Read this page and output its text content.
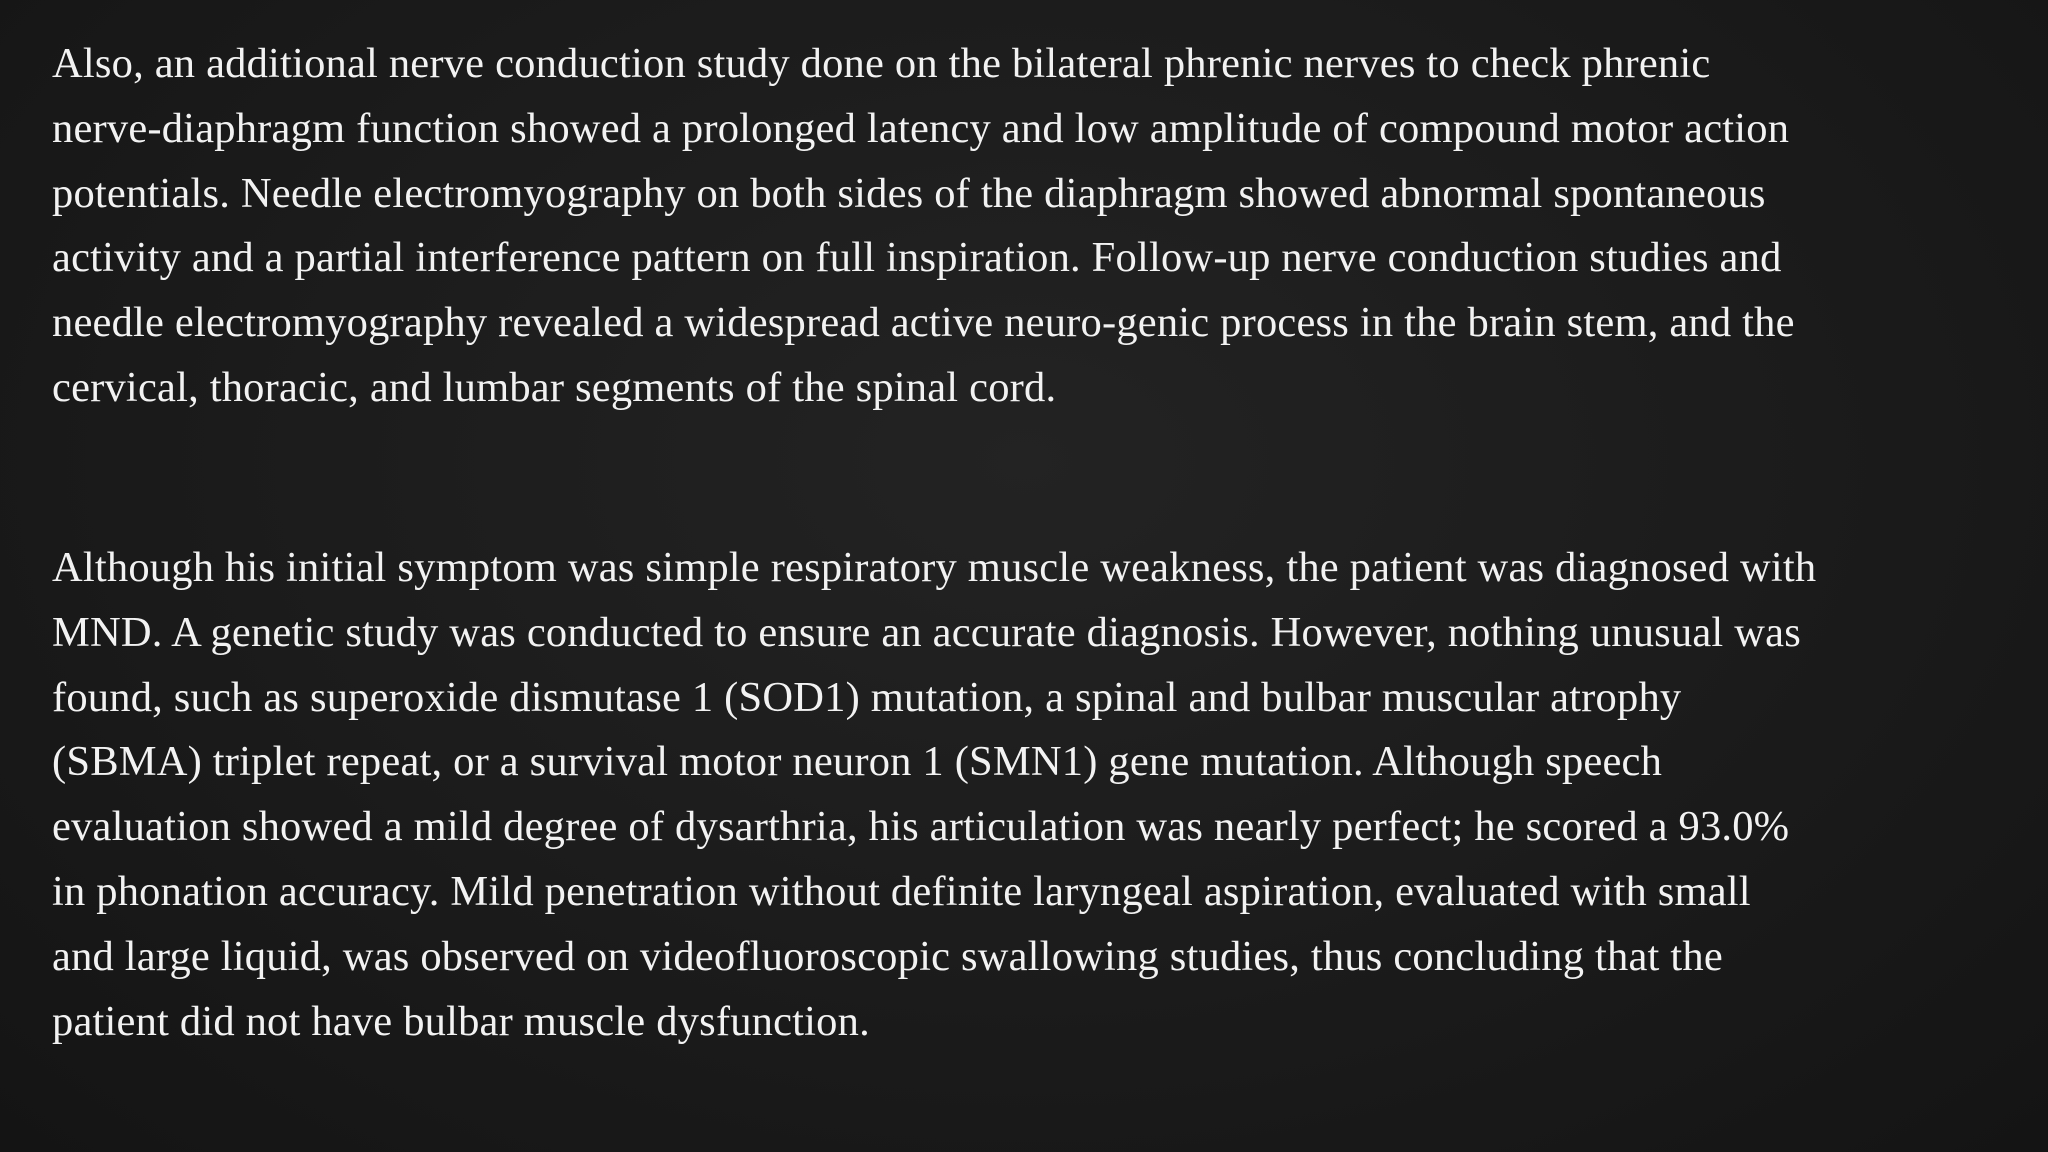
Also, an additional nerve conduction study done on the bilateral phrenic nerves to check phrenic
nerve-diaphragm function showed a prolonged latency and low amplitude of compound motor action
potentials. Needle electromyography on both sides of the diaphragm showed abnormal spontaneous
activity and a partial interference pattern on full inspiration. Follow-up nerve conduction studies and
needle electromyography revealed a widespread active neuro-genic process in the brain stem, and the
cervical, thoracic, and lumbar segments of the spinal cord.

Although his initial symptom was simple respiratory muscle weakness, the patient was diagnosed with
MND. A genetic study was conducted to ensure an accurate diagnosis. However, nothing unusual was
found, such as superoxide dismutase 1 (SOD1) mutation, a spinal and bulbar muscular atrophy
(SBMA) triplet repeat, or a survival motor neuron 1 (SMN1) gene mutation. Although speech
evaluation showed a mild degree of dysarthria, his articulation was nearly perfect; he scored a 93.0%
in phonation accuracy. Mild penetration without definite laryngeal aspiration, evaluated with small
and large liquid, was observed on videofluoroscopic swallowing studies, thus concluding that the
patient did not have bulbar muscle dysfunction.
